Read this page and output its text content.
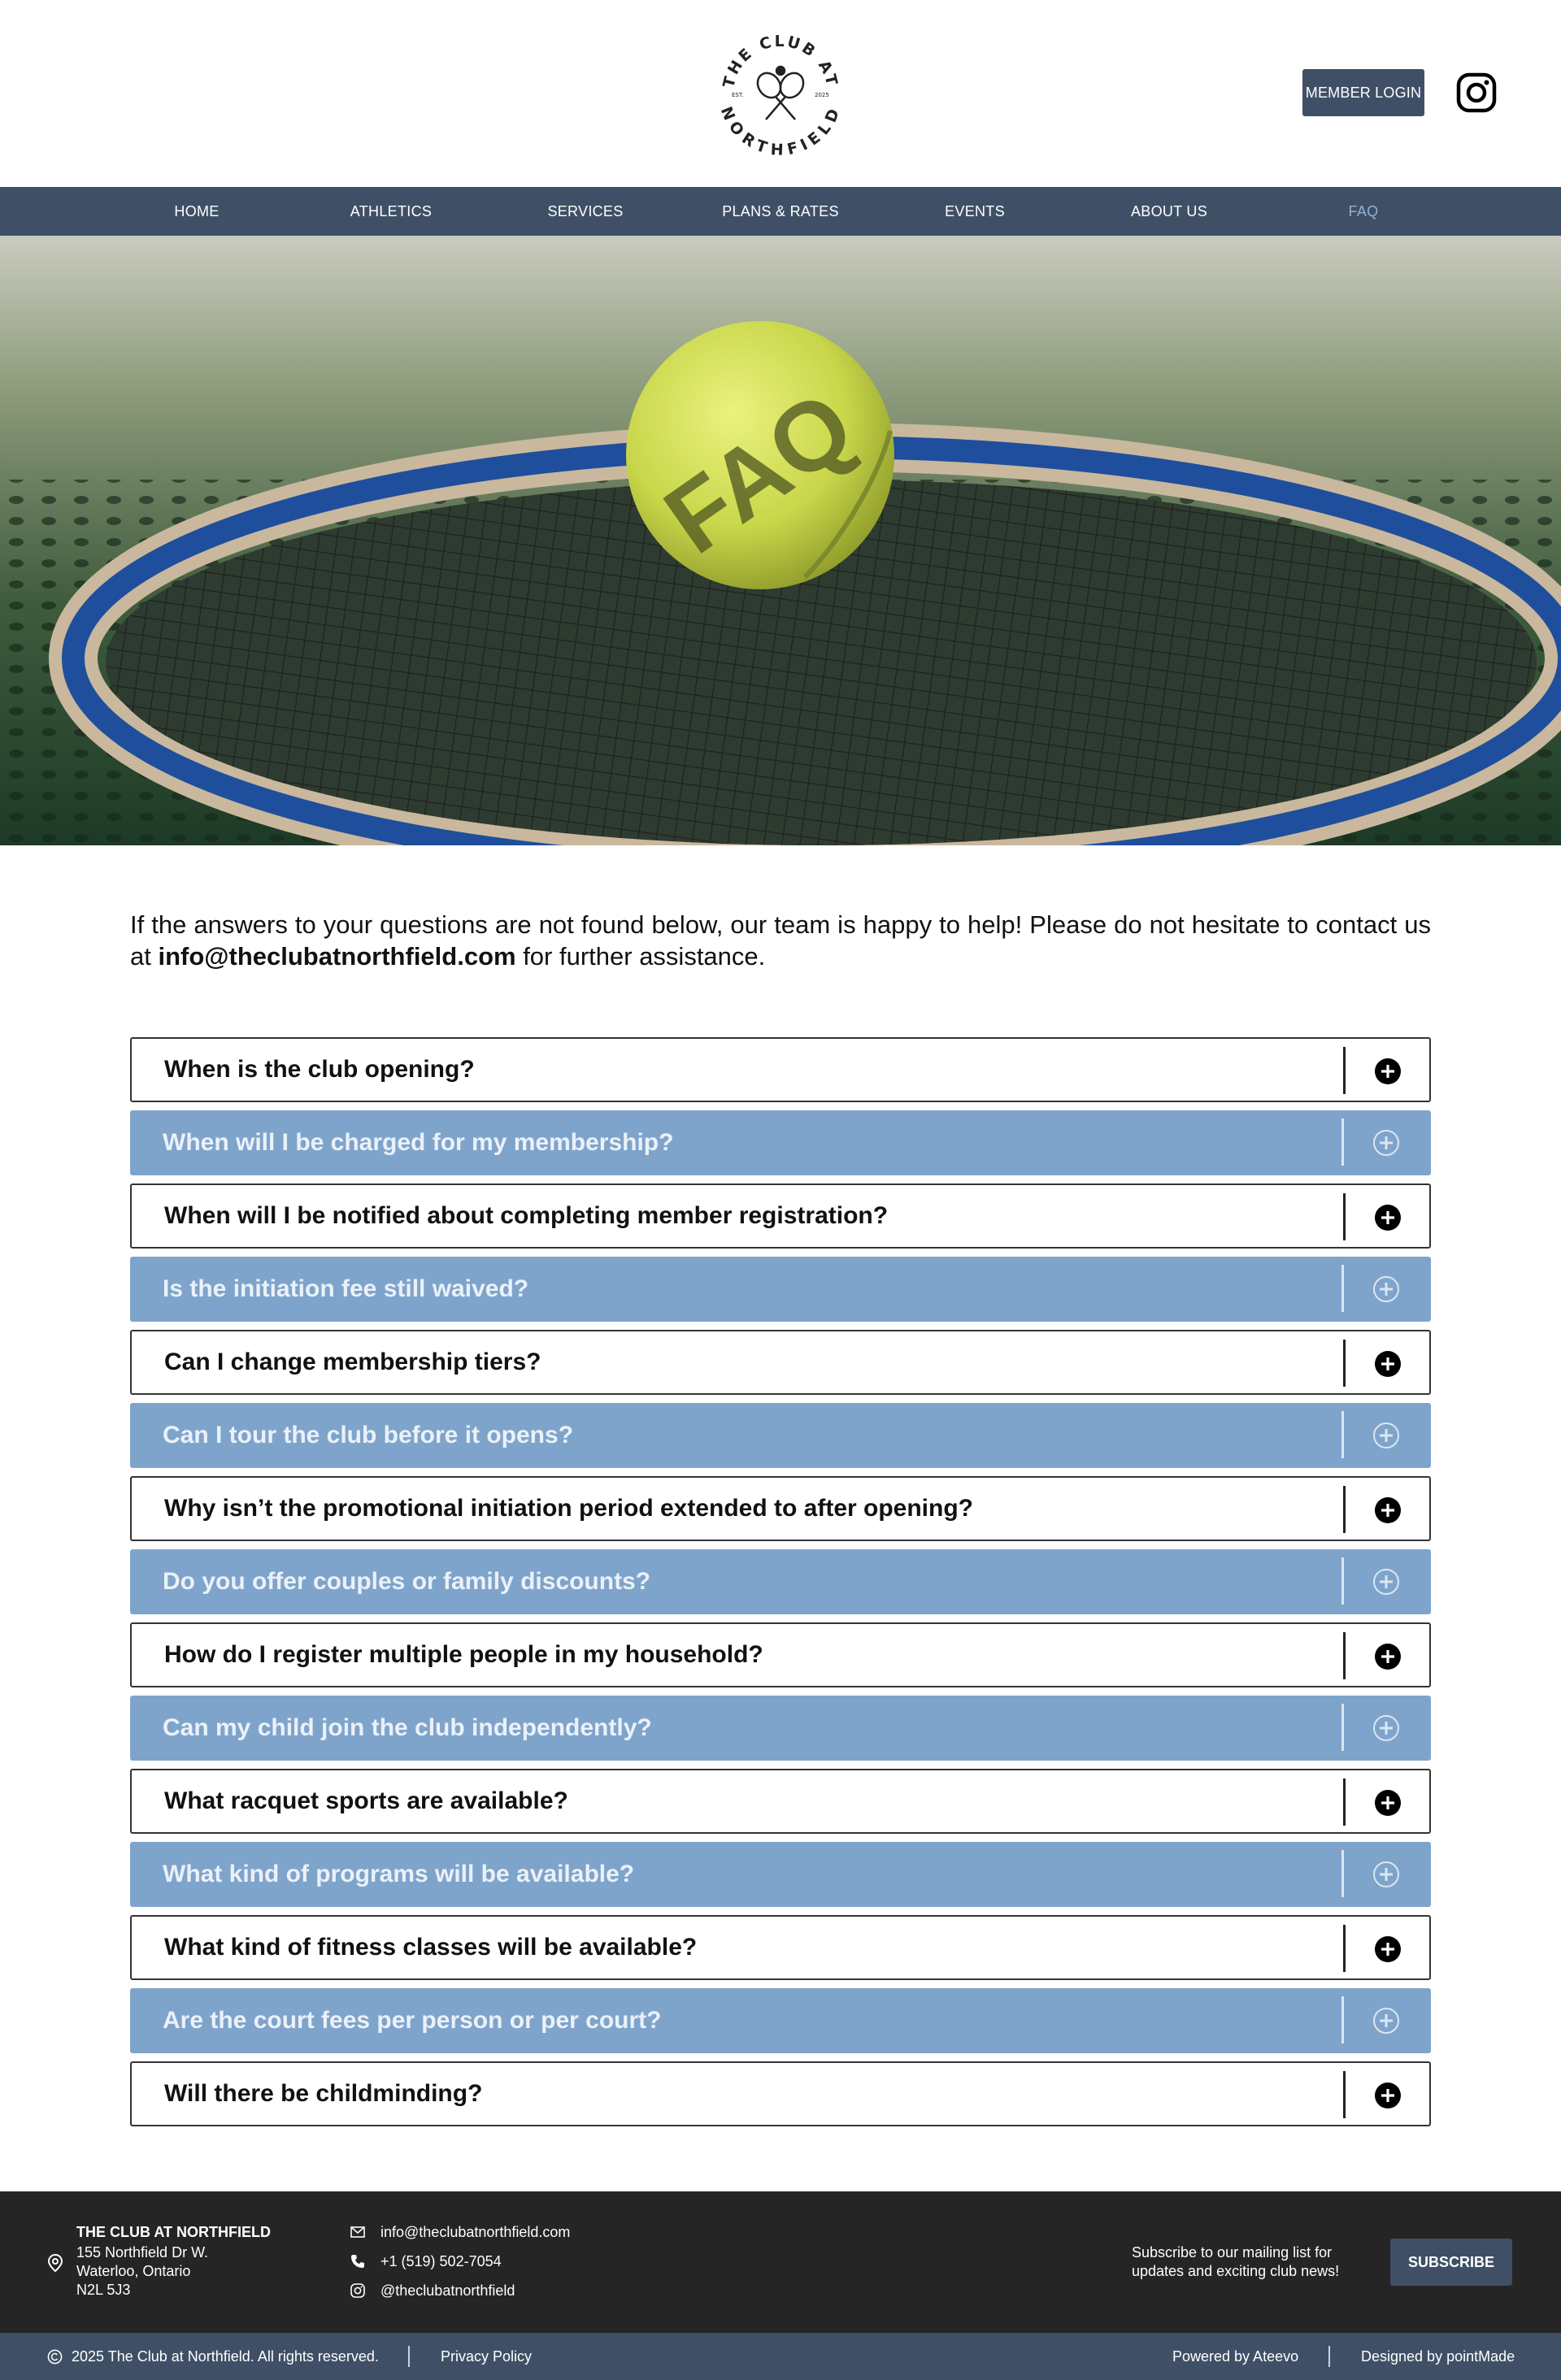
THE CLUB AT
NORTHFIELD
EST.	2025	MEMBER LOGIN
HOME	ATHLETICS	SERVICES	PLANS & RATES	EVENTS	ABOUT US	FAQ
FAQ

If the answers to your questions are not found below, our team is happy to help! Please do not hesitate to contact us at info@theclubatnorthfield.com for further assistance.

When is the club opening?
When will I be charged for my membership?
When will I be notified about completing member registration?
Is the initiation fee still waived?
Can I change membership tiers?
Can I tour the club before it opens?
Why isn’t the promotional initiation period extended to after opening?
Do you offer couples or family discounts?
How do I register multiple people in my household?
Can my child join the club independently?
What racquet sports are available?
What kind of programs will be available?
What kind of fitness classes will be available?
Are the court fees per person or per court?
Will there be childminding?
THE CLUB AT NORTHFIELD
155 Northfield Dr W.
Waterloo, Ontario
N2L 5J3
info@theclubatnorthfield.com
+1 (519) 502-7054
@theclubatnorthfield
Subscribe to our mailing list for updates and exciting club news!
SUBSCRIBE
2025 The Club at Northfield. All rights reserved.	Privacy Policy	Powered by Ateevo	Designed by pointMade
